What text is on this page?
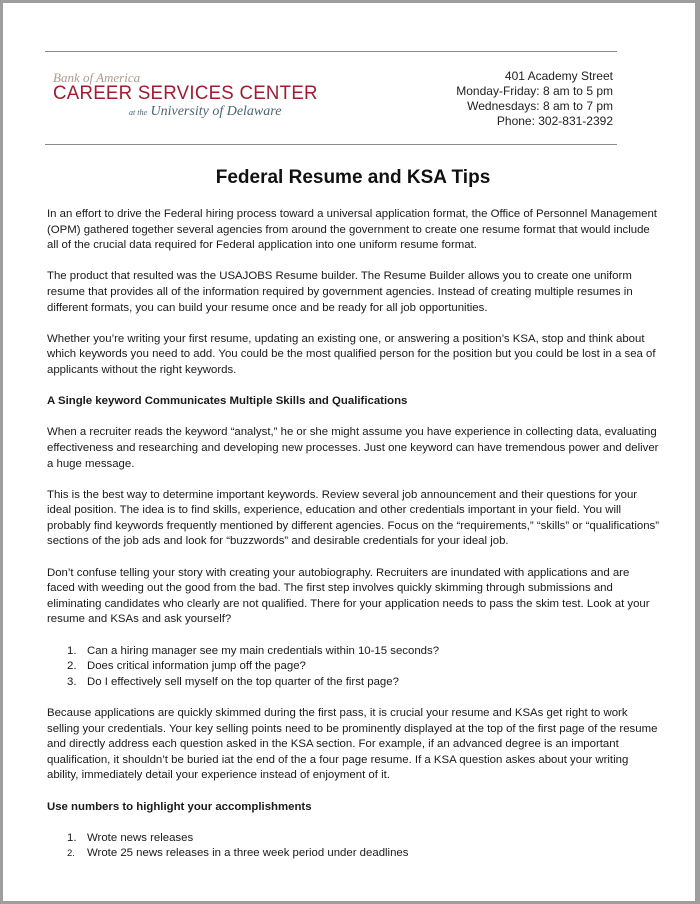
Bank of America
CAREER SERVICES CENTER
at the University of Delaware
401 Academy Street
Monday-Friday: 8 am to 5 pm
Wednesdays: 8 am to 7 pm
Phone: 302-831-2392
Federal Resume and KSA Tips

In an effort to drive the Federal hiring process toward a universal application format, the Office of Personnel Management (OPM) gathered together several agencies from around the government to create one resume format that would include all of the crucial data required for Federal application into one uniform resume format.

The product that resulted was the USAJOBS Resume builder. The Resume Builder allows you to create one uniform resume that provides all of the information required by government agencies. Instead of creating multiple resumes in different formats, you can build your resume once and be ready for all job opportunities.

Whether you’re writing your first resume, updating an existing one, or answering a position’s KSA, stop and think about which keywords you need to add. You could be the most qualified person for the position but you could be lost in a sea of applicants without the right keywords.

A Single keyword Communicates Multiple Skills and Qualifications

When a recruiter reads the keyword “analyst,” he or she might assume you have experience in collecting data, evaluating effectiveness and researching and developing new processes. Just one keyword can have tremendous power and deliver a huge message.

This is the best way to determine important keywords. Review several job announcement and their questions for your ideal position. The idea is to find skills, experience, education and other credentials important in your field. You will probably find keywords frequently mentioned by different agencies. Focus on the “requirements,” “skills” or “qualifications” sections of the job ads and look for “buzzwords” and desirable credentials for your ideal job.

Don’t confuse telling your story with creating your autobiography. Recruiters are inundated with applications and are faced with weeding out the good from the bad. The first step involves quickly skimming through submissions and eliminating candidates who clearly are not qualified. There for your application needs to pass the skim test. Look at your resume and KSAs and ask yourself?

1. Can a hiring manager see my main credentials within 10-15 seconds?
2. Does critical information jump off the page?
3. Do I effectively sell myself on the top quarter of the first page?

Because applications are quickly skimmed during the first pass, it is crucial your resume and KSAs get right to work selling your credentials. Your key selling points need to be prominently displayed at the top of the first page of the resume and directly address each question asked in the KSA section. For example, if an advanced degree is an important qualification, it shouldn’t be buried iat the end of the a four page resume. If a KSA question askes about your writing ability, immediately detail your experience instead of enjoyment of it.

Use numbers to highlight your accomplishments
1. Wrote news releases
2.	Wrote 25 news releases in a three week period under deadlines
